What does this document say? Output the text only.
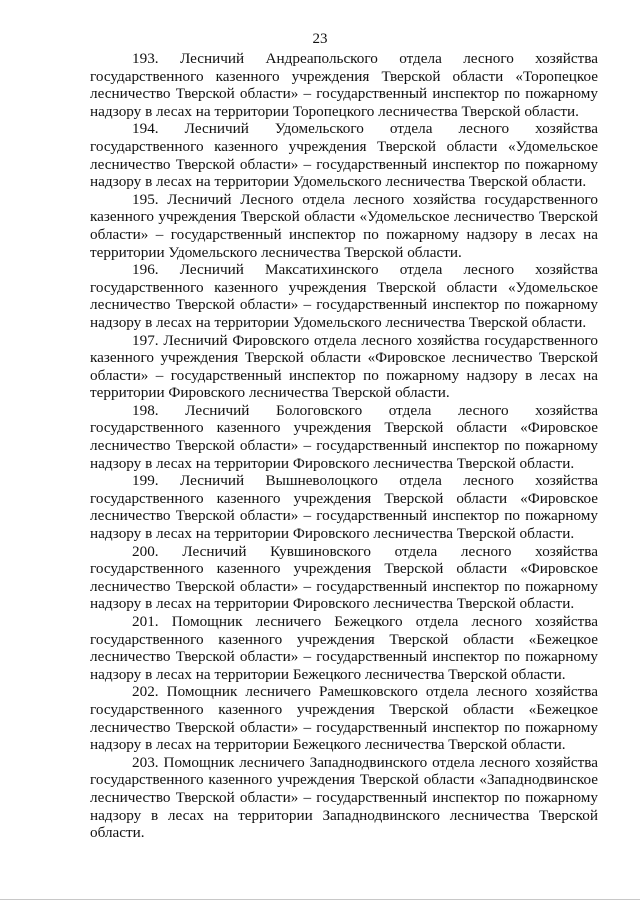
23

193. Лесничий Андреапольского отдела лесного хозяйства государственного казенного учреждения Тверской области «Торопецкое лесничество Тверской области» – государственный инспектор по пожарному надзору в лесах на территории Торопецкого лесничества Тверской области.

194. Лесничий Удомельского отдела лесного хозяйства государственного казенного учреждения Тверской области «Удомельское лесничество Тверской области» – государственный инспектор по пожарному надзору в лесах на территории Удомельского лесничества Тверской области.

195. Лесничий Лесного отдела лесного хозяйства государственного казенного учреждения Тверской области «Удомельское лесничество Тверской области» – государственный инспектор по пожарному надзору в лесах на территории Удомельского лесничества Тверской области.

196. Лесничий Максатихинского отдела лесного хозяйства государственного казенного учреждения Тверской области «Удомельское лесничество Тверской области» – государственный инспектор по пожарному надзору в лесах на территории Удомельского лесничества Тверской области.

197. Лесничий Фировского отдела лесного хозяйства государственного казенного учреждения Тверской области «Фировское лесничество Тверской области» – государственный инспектор по пожарному надзору в лесах на территории Фировского лесничества Тверской области.

198. Лесничий Бологовского отдела лесного хозяйства государственного казенного учреждения Тверской области «Фировское лесничество Тверской области» – государственный инспектор по пожарному надзору в лесах на территории Фировского лесничества Тверской области.

199. Лесничий Вышневолоцкого отдела лесного хозяйства государственного казенного учреждения Тверской области «Фировское лесничество Тверской области» – государственный инспектор по пожарному надзору в лесах на территории Фировского лесничества Тверской области.

200. Лесничий Кувшиновского отдела лесного хозяйства государственного казенного учреждения Тверской области «Фировское лесничество Тверской области» – государственный инспектор по пожарному надзору в лесах на территории Фировского лесничества Тверской области.

201. Помощник лесничего Бежецкого отдела лесного хозяйства государственного казенного учреждения Тверской области «Бежецкое лесничество Тверской области» – государственный инспектор по пожарному надзору в лесах на территории Бежецкого лесничества Тверской области.

202. Помощник лесничего Рамешковского отдела лесного хозяйства государственного казенного учреждения Тверской области «Бежецкое лесничество Тверской области» – государственный инспектор по пожарному надзору в лесах на территории Бежецкого лесничества Тверской области.

203. Помощник лесничего Западнодвинского отдела лесного хозяйства государственного казенного учреждения Тверской области «Западнодвинское лесничество Тверской области» – государственный инспектор по пожарному надзору в лесах на территории Западнодвинского лесничества Тверской области.
